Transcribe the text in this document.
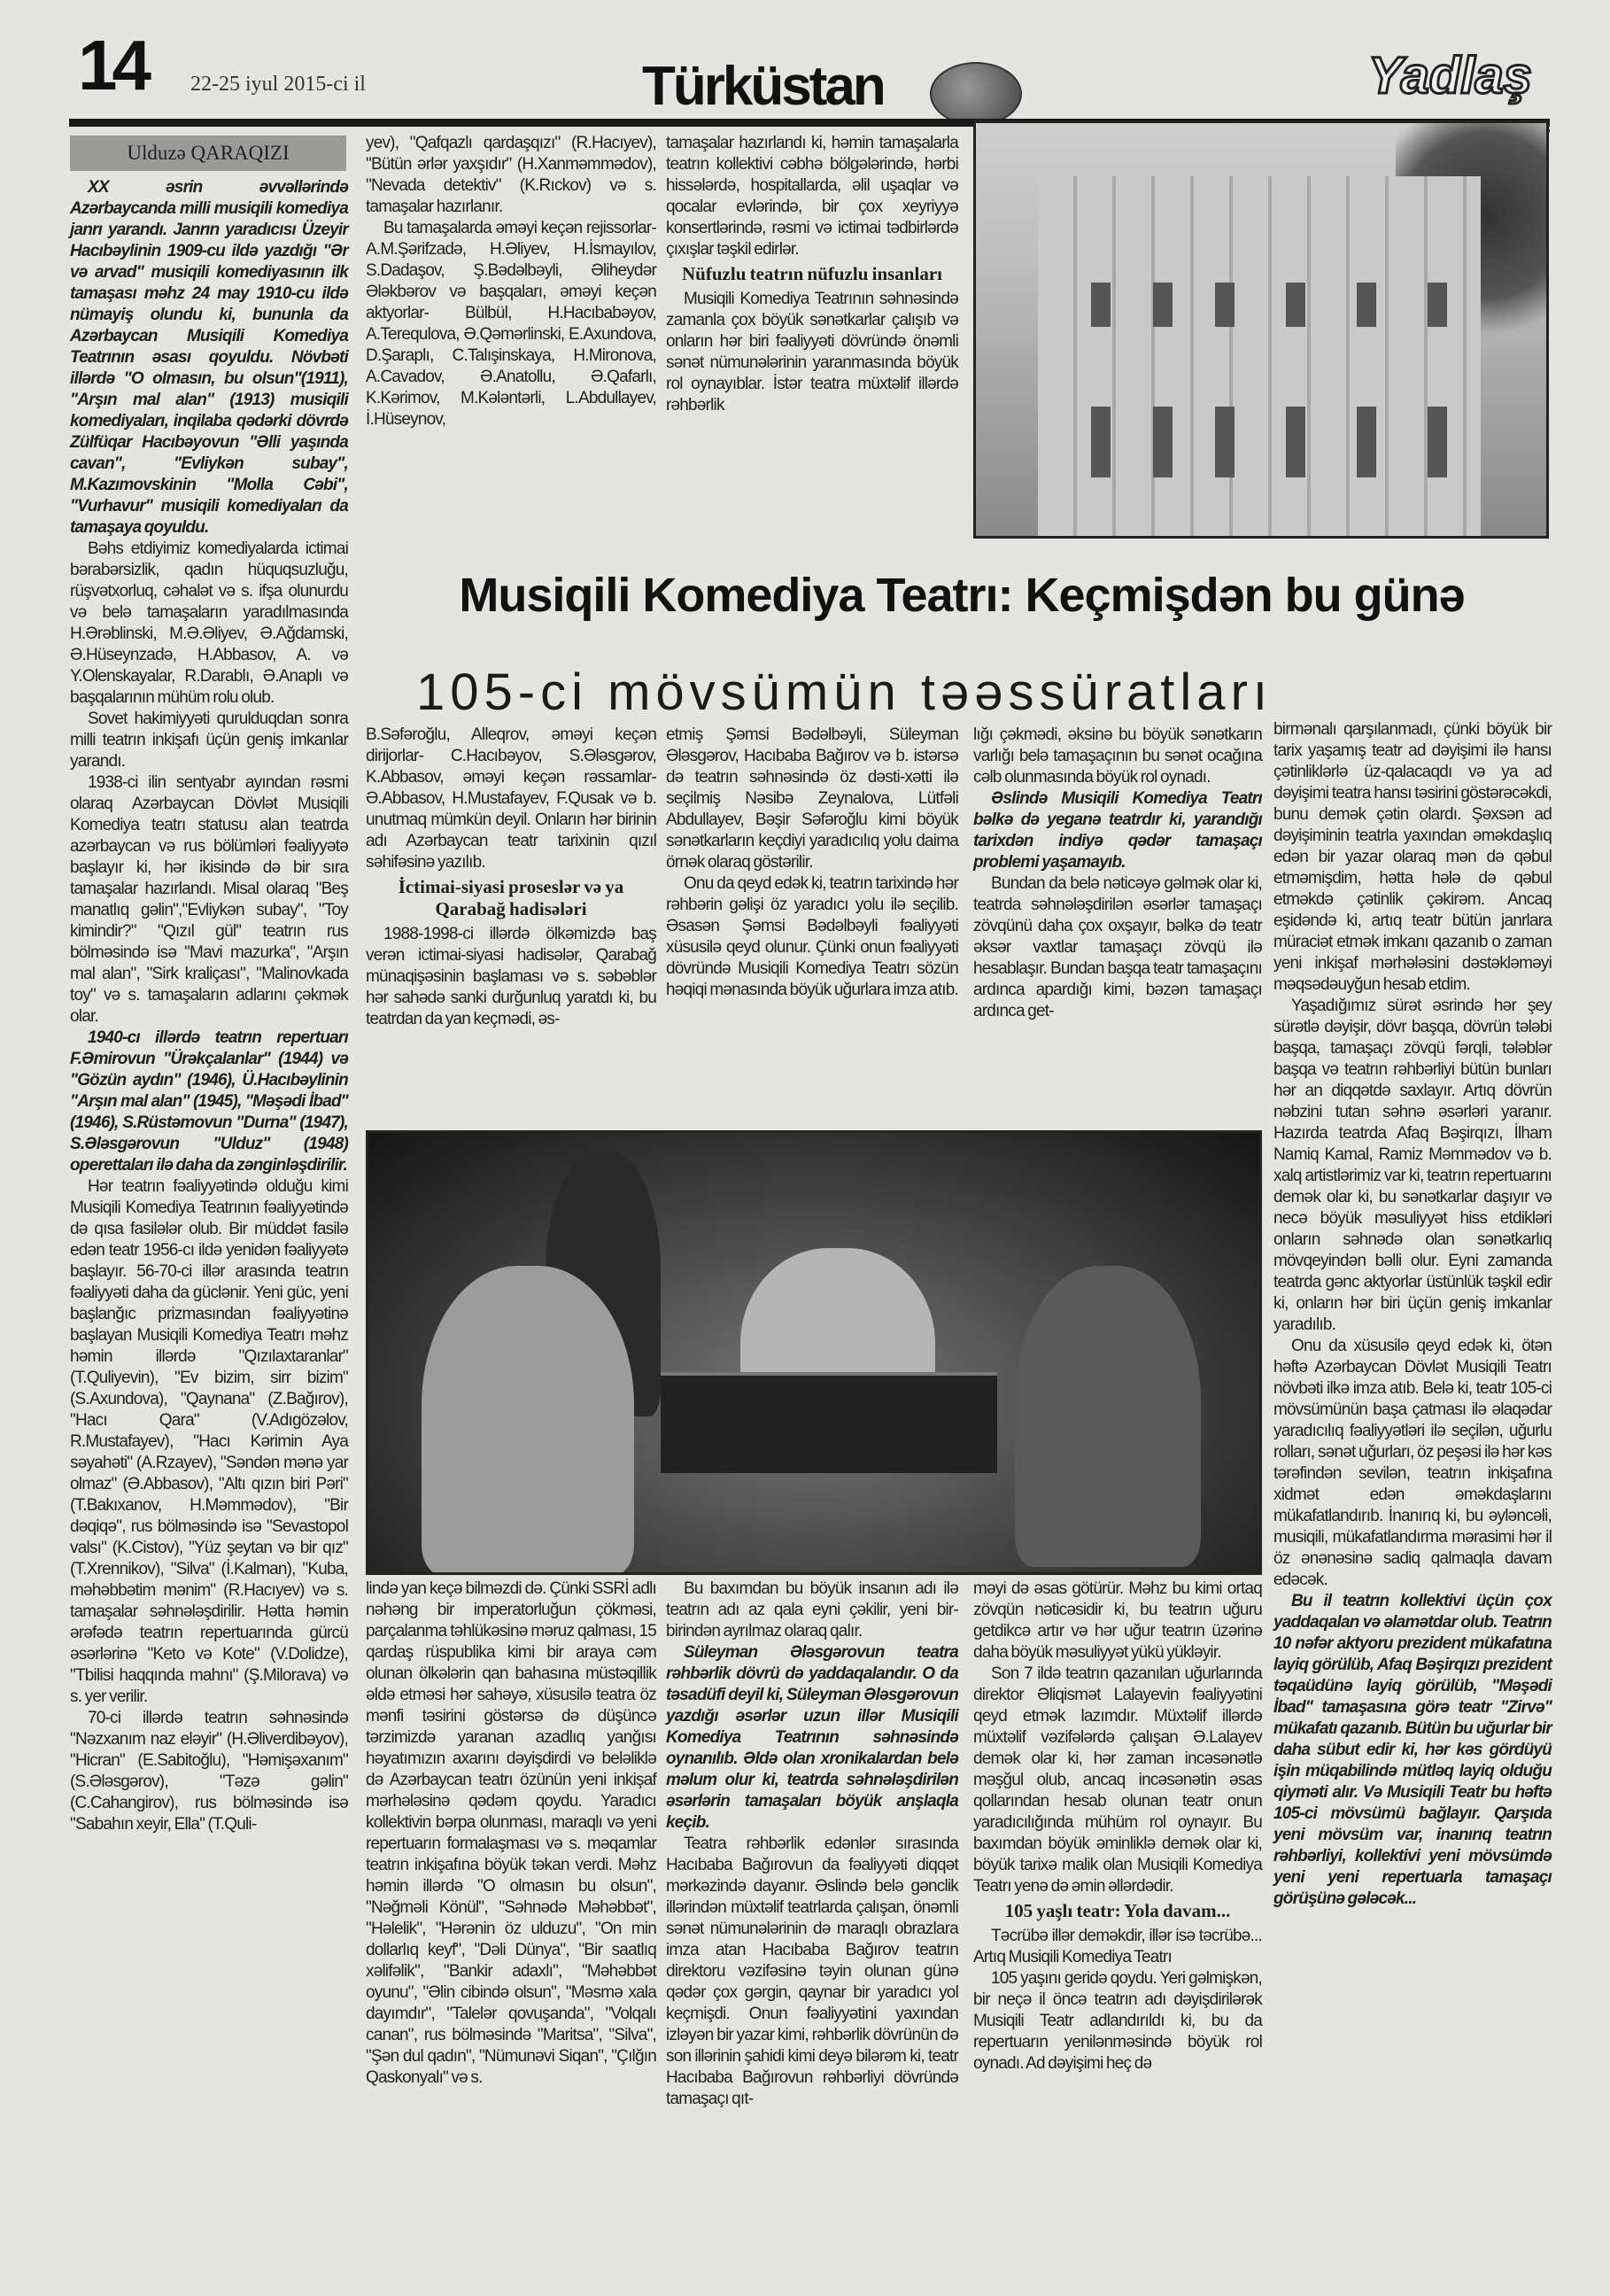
14 22-25 iyul 2015-ci il	Türküstan	Yadlaş
Ulduzə QARAQIZI

XX əsrin əvvəllərində Azərbaycanda milli musiqili komediya janrı yarandı. Janrın yaradıcısı Üzeyir Hacıbəylinin 1909-cu ildə yazdığı "Ər və arvad" musiqili komediyasının ilk tamaşası məhz 24 may 1910-cu ildə nümayiş olundu ki, bununla da Azərbaycan Musiqili Komediya Teatrının əsası qoyuldu. Növbəti illərdə "O olmasın, bu olsun"(1911), "Arşın mal alan" (1913) musiqili komediyaları, inqilaba qədərki dövrdə Zülfüqar Hacıbəyovun "Əlli yaşında cavan", "Evliykən subay", M.Kazımovskinin "Molla Cəbi", "Vurhavur" musiqili komediyaları da tamaşaya qoyuldu.

Bəhs etdiyimiz komediyalarda ictimai bərabərsizlik, qadın hüquqsuzluğu, rüşvətxorluq, cəhalət və s. ifşa olunurdu və belə tamaşaların yaradılmasında H.Ərəblinski, M.Ə.Əliyev, Ə.Ağdamski, Ə.Hüseynzadə, H.Abbasov, A. və Y.Olenskayalar, R.Darablı, Ə.Anaplı və başqalarının mühüm rolu olub.

Sovet hakimiyyəti qurulduqdan sonra milli teatrın inkişafı üçün geniş imkanlar yarandı.

1938-ci ilin sentyabr ayından rəsmi olaraq Azərbaycan Dövlət Musiqili Komediya teatrı statusu alan teatrda azərbaycan və rus bölümləri fəaliyyətə başlayır ki, hər ikisində də bir sıra tamaşalar hazırlandı. Misal olaraq "Beş manatlıq gəlin","Evliykən subay", "Toy kimindir?" "Qızıl gül" teatrın rus bölməsində isə "Mavi mazurka", "Arşın mal alan", "Sirk kraliçası", "Malinovkada toy" və s. tamaşaların adlarını çəkmək olar.

1940-cı illərdə teatrın repertuarı F.Əmirovun "Ürəkçalanlar" (1944) və "Gözün aydın" (1946), Ü.Hacıbəylinin "Arşın mal alan" (1945), "Məşədi İbad" (1946), S.Rüstəmovun "Durna" (1947), S.Ələsgərovun "Ulduz" (1948) operettaları ilə daha da zənginləşdirilir.

Hər teatrın fəaliyyətində olduğu kimi Musiqili Komediya Teatrının fəaliyyətində də qısa fasilələr olub. Bir müddət fasilə edən teatr 1956-cı ildə yenidən fəaliyyətə başlayır. 56-70-ci illər arasında teatrın fəaliyyəti daha da güclənir. Yeni güc, yeni başlanğıc prizmasından fəaliyyətinə başlayan Musiqili Komediya Teatrı məhz həmin illərdə "Qızılaxtaranlar" (T.Quliyevin), "Ev bizim, sirr bizim" (S.Axundova), "Qaynana" (Z.Bağırov), "Hacı Qara" (V.Adıgözəlov, R.Mustafayev), "Hacı Kərimin Aya səyahəti" (A.Rzayev), "Səndən mənə yar olmaz" (Ə.Abbasov), "Altı qızın biri Pəri" (T.Bakıxanov, H.Məmmədov), "Bir dəqiqə", rus bölməsində isə "Sevastopol valsı" (K.Cistov), "Yüz şeytan və bir qız" (T.Xrennikov), "Silva" (İ.Kalman), "Kuba, məhəbbətim mənim" (R.Hacıyev) və s. tamaşalar səhnələşdirilir. Hətta həmin ərəfədə teatrın repertuarında gürcü əsərlərinə "Keto və Kote" (V.Dolidze), "Tbilisi haqqında mahnı" (Ş.Milorava) və s. yer verilir.

70-ci illərdə teatrın səhnəsində "Nəzxanım naz eləyir" (H.Əliverdibəyov), "Hicran" (E.Sabitoğlu), "Həmişəxanım" (S.Ələsgərov), "Təzə gəlin" (C.Cahangirov), rus bölməsində isə "Sabahın xeyir, Ella" (T.Quli-

yev), "Qafqazlı qardaşqızı" (R.Hacıyev), "Bütün ərlər yaxşıdır" (H.Xanməmmədov), "Nevada detektiv" (K.Rıckov) və s. tamaşalar hazırlanır.

Bu tamaşalarda əməyi keçən rejissorlar- A.M.Şərifzadə, H.Əliyev, H.İsmayılov, S.Dadaşov, Ş.Bədəlbəyli, Əliheydər Ələkbərov və başqaları, əməyi keçən aktyorlar- Bülbül, H.Hacıbabəyov, A.Terequlova, Ə.Qəmərlinski, E.Axundova, D.Şaraplı, C.Talışinskaya, H.Mironova, A.Cavadov, Ə.Anatollu, Ə.Qafarlı, K.Kərimov, M.Kələntərli, L.Abdullayev, İ.Hüseynov,

tamaşalar hazırlandı ki, həmin tamaşalarla teatrın kollektivi cəbhə bölgələrində, hərbi hissələrdə, hospitallarda, əlil uşaqlar və qocalar evlərində, bir çox xeyriyyə konsertlərində, rəsmi və ictimai tədbirlərdə çıxışlar təşkil edirlər.

Nüfuzlu teatrın nüfuzlu insanları

Musiqili Komediya Teatrının səhnəsində zamanla çox böyük sənətkarlar çalışıb və onların hər biri fəaliyyəti dövründə önəmli sənət nümunələrinin yaranmasında böyük rol oynayıblar. İstər teatra müxtəlif illərdə rəhbərlik

Musiqili Komediya Teatrı: Keçmişdən bu günə
105-ci mövsümün təəssüratları

B.Səfəroğlu, Alleqrov, əməyi keçən dirijorlar- C.Hacıbəyov, S.Ələsgərov, K.Abbasov, əməyi keçən rəssamlar- Ə.Abbasov, H.Mustafayev, F.Qusak və b. unutmaq mümkün deyil. Onların hər birinin adı Azərbaycan teatr tarixinin qızıl səhifəsinə yazılıb.

İctimai-siyasi proseslər və ya Qarabağ hadisələri

1988-1998-ci illərdə ölkəmizdə baş verən ictimai-siyasi hadisələr, Qarabağ münaqişəsinin başlaması və s. səbəblər hər sahədə sanki durğunluq yaratdı ki, bu teatrdan da yan keçmədi, əs-

etmiş Şəmsi Bədəlbəyli, Süleyman Ələsgərov, Hacıbaba Bağırov və b. istərsə də teatrın səhnəsində öz dəsti-xətti ilə seçilmiş Nəsibə Zeynalova, Lütfəli Abdullayev, Bəşir Səfəroğlu kimi böyük sənətkarların keçdiyi yaradıcılıq yolu daima örnək olaraq göstərilir.

Onu da qeyd edək ki, teatrın tarixində hər rəhbərin gəlişi öz yaradıcı yolu ilə seçilib. Əsasən Şəmsi Bədəlbəyli fəaliyyəti xüsusilə qeyd olunur. Çünki onun fəaliyyəti dövründə Musiqili Komediya Teatrı sözün həqiqi mənasında böyük uğurlara imza atıb.

lığı çəkmədi, əksinə bu böyük sənətkarın varlığı belə tamaşaçının bu sənət ocağına cəlb olunmasında böyük rol oynadı.

Əslində Musiqili Komediya Teatrı bəlkə də yeganə teatrdır ki, yarandığı tarixdən indiyə qədər tamaşaçı problemi yaşamayıb.

Bundan da belə nəticəyə gəlmək olar ki, teatrda səhnələşdirilən əsərlər tamaşaçı zövqünü daha çox oxşayır, bəlkə də teatr əksər vaxtlar tamaşaçı zövqü ilə hesablaşır. Bundan başqa teatr tamaşaçını ardınca apardığı kimi, bəzən tamaşaçı ardınca get-

birmənalı qarşılanmadı, çünki böyük bir tarix yaşamış teatr ad dəyişimi ilə hansı çətinliklərlə üz-qalacaqdı və ya ad dəyişimi teatra hansı təsirini göstərəcəkdi, bunu demək çətin olardı. Şəxsən ad dəyişiminin teatrla yaxından əməkdaşlıq edən bir yazar olaraq mən də qəbul etməmişdim, hətta hələ də qəbul etməkdə çətinlik çəkirəm. Ancaq eşidəndə ki, artıq teatr bütün janrlara müraciət etmək imkanı qazanıb o zaman yeni inkişaf mərhələsini dəstəkləməyi məqsədəuyğun hesab etdim.

Yaşadığımız sürət əsrində hər şey sürətlə dəyişir, dövr başqa, dövrün tələbi başqa, tamaşaçı zövqü fərqli, tələblər başqa və teatrın rəhbərliyi bütün bunları hər an diqqətdə saxlayır. Artıq dövrün nəbzini tutan səhnə əsərləri yaranır. Hazırda teatrda Afaq Bəşirqızı, İlham Namiq Kamal, Ramiz Məmmədov və b. xalq artistlərimiz var ki, teatrın repertuarını demək olar ki, bu sənətkarlar daşıyır və necə böyük məsuliyyət hiss etdikləri onların səhnədə olan sənətkarlıq mövqeyindən bəlli olur. Eyni zamanda teatrda gənc aktyorlar üstünlük təşkil edir ki, onların hər biri üçün geniş imkanlar yaradılıb.

Onu da xüsusilə qeyd edək ki, ötən həftə Azərbaycan Dövlət Musiqili Teatrı növbəti ilkə imza atıb. Belə ki, teatr 105-ci mövsümünün başa çatması ilə əlaqədar yaradıcılıq fəaliyyətləri ilə seçilən, uğurlu rolları, sənət uğurları, öz peşəsi ilə hər kəs tərəfindən sevilən, teatrın inkişafına xidmət edən əməkdaşlarını mükafatlandırıb. İnanırıq ki, bu əyləncəli, musiqili, mükafatlandırma mərasimi hər il öz ənənəsinə sadiq qalmaqla davam edəcək.

Bu il teatrın kollektivi üçün çox yaddaqalan və əlamətdar olub. Teatrın 10 nəfər aktyoru prezident mükafatına layiq görülüb, Afaq Bəşirqızı prezident təqaüdünə layiq görülüb, "Məşədi İbad" tamaşasına görə teatr "Zirvə" mükafatı qazanıb. Bütün bu uğurlar bir daha sübut edir ki, hər kəs gördüyü işin müqabilində mütləq layiq olduğu qiyməti alır. Və Musiqili Teatr bu həftə 105-ci mövsümü bağlayır. Qarşıda yeni mövsüm var, inanırıq teatrın rəhbərliyi, kollektivi yeni mövsümdə yeni yeni repertuarla tamaşaçı görüşünə gələcək...

lində yan keçə bilməzdi də. Çünki SSRİ adlı nəhəng bir imperatorluğun çökməsi, parçalanma təhlükəsinə məruz qalması, 15 qardaş rüspublika kimi bir araya cəm olunan ölkələrin qan bahasına müstəqillik əldə etməsi hər sahəyə, xüsusilə teatra öz mənfi təsirini göstərsə də düşüncə tərzimizdə yaranan azadlıq yanğısı həyatımızın axarını dəyişdirdi və beləliklə də Azərbaycan teatrı özünün yeni inkişaf mərhələsinə qədəm qoydu. Yaradıcı kollektivin bərpa olunması, maraqlı və yeni repertuarın formalaşması və s. məqamlar teatrın inkişafına böyük təkan verdi. Məhz həmin illərdə "O olmasın bu olsun", "Nəğməli Könül", "Səhnədə Məhəbbət", "Həlelik", "Hərənin öz ulduzu", "On min dollarlıq keyf", "Dəli Dünya", "Bir saatlıq xəlifəlik", "Bankir adaxlı", "Məhəbbət oyunu", "Əlin cibində olsun", "Məsmə xala dayımdır", "Talelər qovuşanda", "Volqalı canan", rus bölməsində "Maritsa", "Silva", "Şən dul qadın", "Nümunəvi Siqan", "Çılğın Qaskonyalı" və s.

Bu baxımdan bu böyük insanın adı ilə teatrın adı az qala eyni çəkilir, yeni bir-birindən ayrılmaz olaraq qalır.

Süleyman Ələsgərovun teatra rəhbərlik dövrü də yaddaqalandır. O da təsadüfi deyil ki, Süleyman Ələsgərovun yazdığı əsərlər uzun illər Musiqili Komediya Teatrının səhnəsində oynanılıb. Əldə olan xronikalardan belə məlum olur ki, teatrda səhnələşdirilən əsərlərin tamaşaları böyük anşlaqla keçib.

Teatra rəhbərlik edənlər sırasında Hacıbaba Bağırovun da fəaliyyəti diqqət mərkəzində dayanır. Əslində belə gənclik illərindən müxtəlif teatrlarda çalışan, önəmli sənət nümunələrinin də maraqlı obrazlara imza atan Hacıbaba Bağırov teatrın direktoru vəzifəsinə təyin olunan günə qədər çox gərgin, qaynar bir yaradıcı yol keçmişdi. Onun fəaliyyətini yaxından izləyən bir yazar kimi, rəhbərlik dövrünün də son illərinin şahidi kimi deyə bilərəm ki, teatr Hacıbaba Bağırovun rəhbərliyi dövründə tamaşaçı qıt-

məyi də əsas götürür. Məhz bu kimi ortaq zövqün nəticəsidir ki, bu teatrın uğuru getdikcə artır və hər uğur teatrın üzərinə daha böyük məsuliyyət yükü yükləyir.

Son 7 ildə teatrın qazanılan uğurlarında direktor Əliqismət Lalayevin fəaliyyətini qeyd etmək lazımdır. Müxtəlif illərdə müxtəlif vəzifələrdə çalışan Ə.Lalayev demək olar ki, hər zaman incəsənətlə məşğul olub, ancaq incəsənətin əsas qollarından hesab olunan teatr onun yaradıcılığında mühüm rol oynayır. Bu baxımdan böyük əminliklə demək olar ki, böyük tarixə malik olan Musiqili Komediya Teatrı yenə də əmin əllərdədir.

105 yaşlı teatr: Yola davam...

Təcrübə illər deməkdir, illər isə təcrübə... Artıq Musiqili Komediya Teatrı

105 yaşını geridə qoydu. Yeri gəlmişkən, bir neçə il öncə teatrın adı dəyişdirilərək Musiqili Teatr adlandırıldı ki, bu da repertuarın yenilənməsində böyük rol oynadı. Ad dəyişimi heç də
